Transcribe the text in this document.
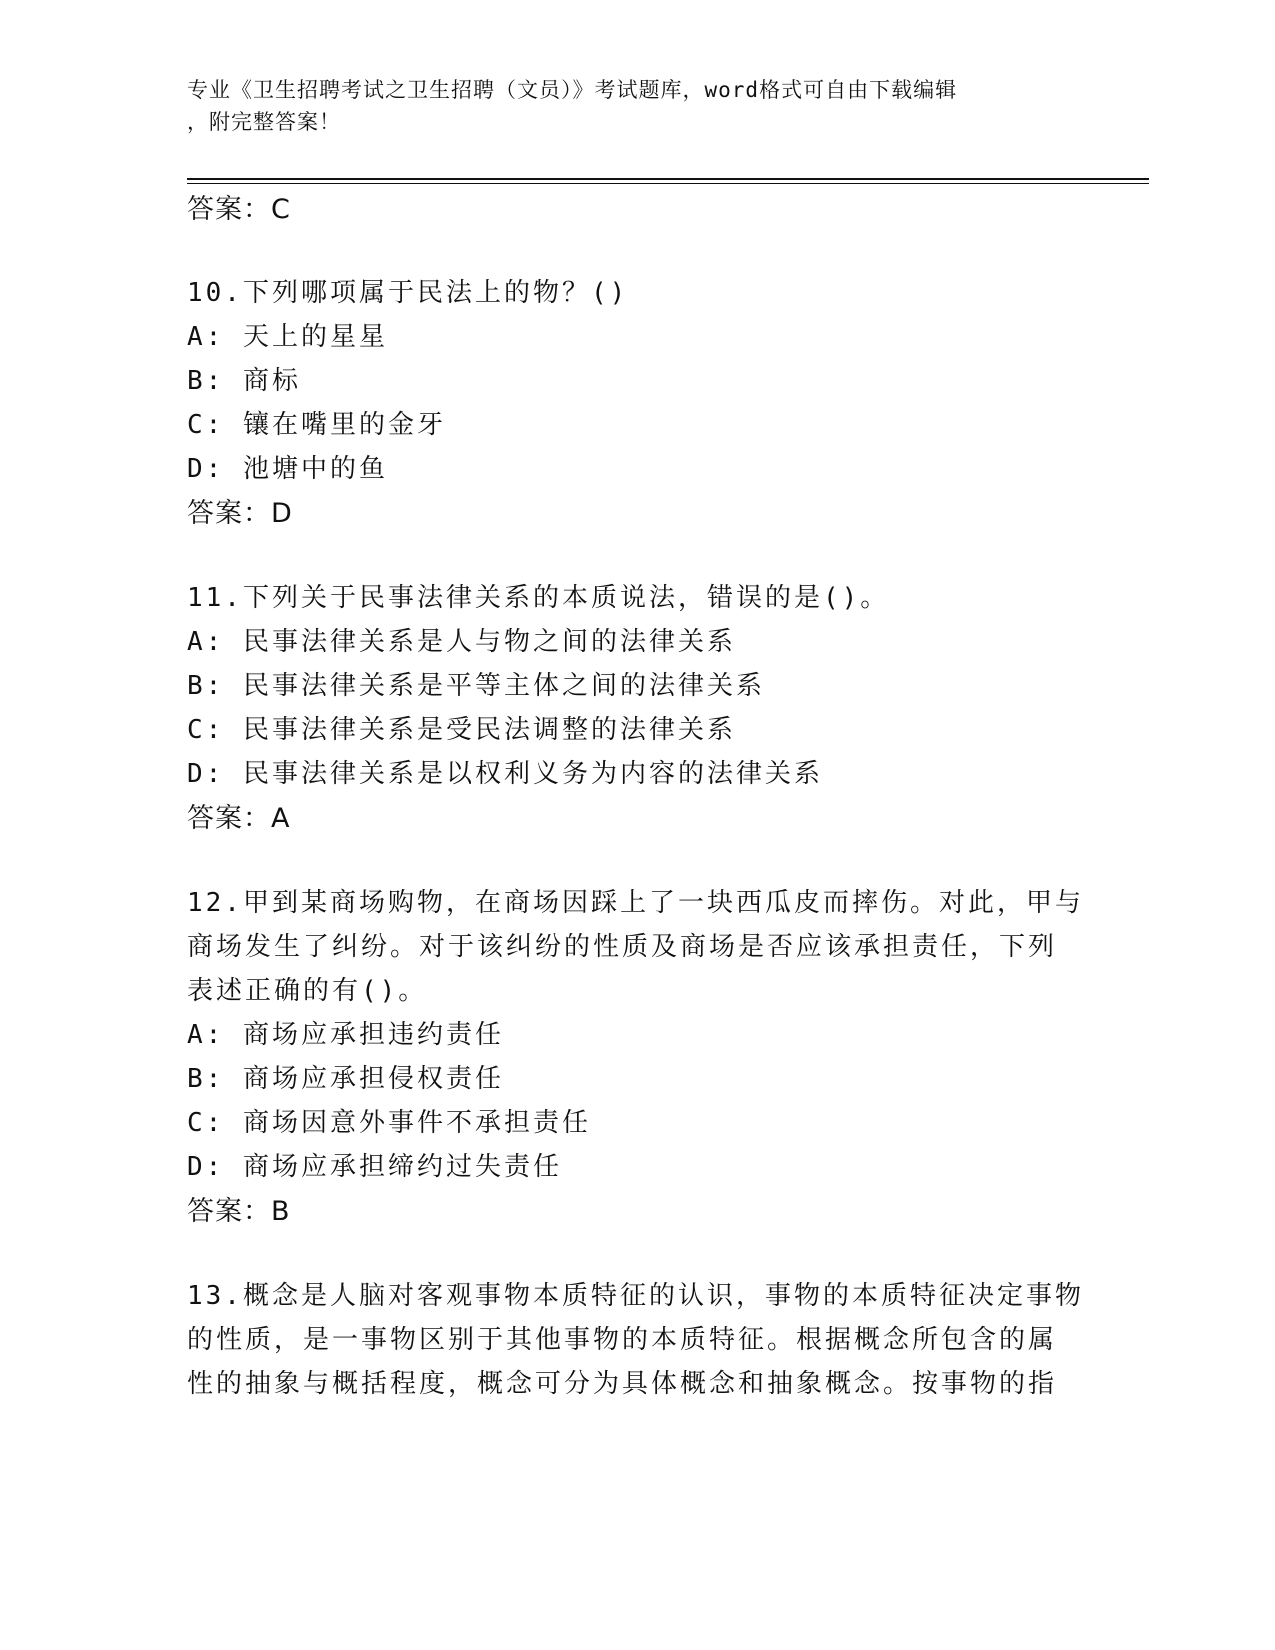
专业《卫生招聘考试之卫生招聘（文员）》考试题库，word格式可自由下载编辑
，附完整答案！
答案：C
10.下列哪项属于民法上的物？()
A: 天上的星星
B: 商标
C: 镶在嘴里的金牙
D: 池塘中的鱼
答案：D
11.下列关于民事法律关系的本质说法，错误的是()。
A: 民事法律关系是人与物之间的法律关系
B: 民事法律关系是平等主体之间的法律关系
C: 民事法律关系是受民法调整的法律关系
D: 民事法律关系是以权利义务为内容的法律关系
答案：A
12.甲到某商场购物，在商场因踩上了一块西瓜皮而摔伤。对此，甲与
商场发生了纠纷。对于该纠纷的性质及商场是否应该承担责任，下列
表述正确的有()。
A: 商场应承担违约责任
B: 商场应承担侵权责任
C: 商场因意外事件不承担责任
D: 商场应承担缔约过失责任
答案：B
13.概念是人脑对客观事物本质特征的认识，事物的本质特征决定事物
的性质，是一事物区别于其他事物的本质特征。根据概念所包含的属
性的抽象与概括程度，概念可分为具体概念和抽象概念。按事物的指
